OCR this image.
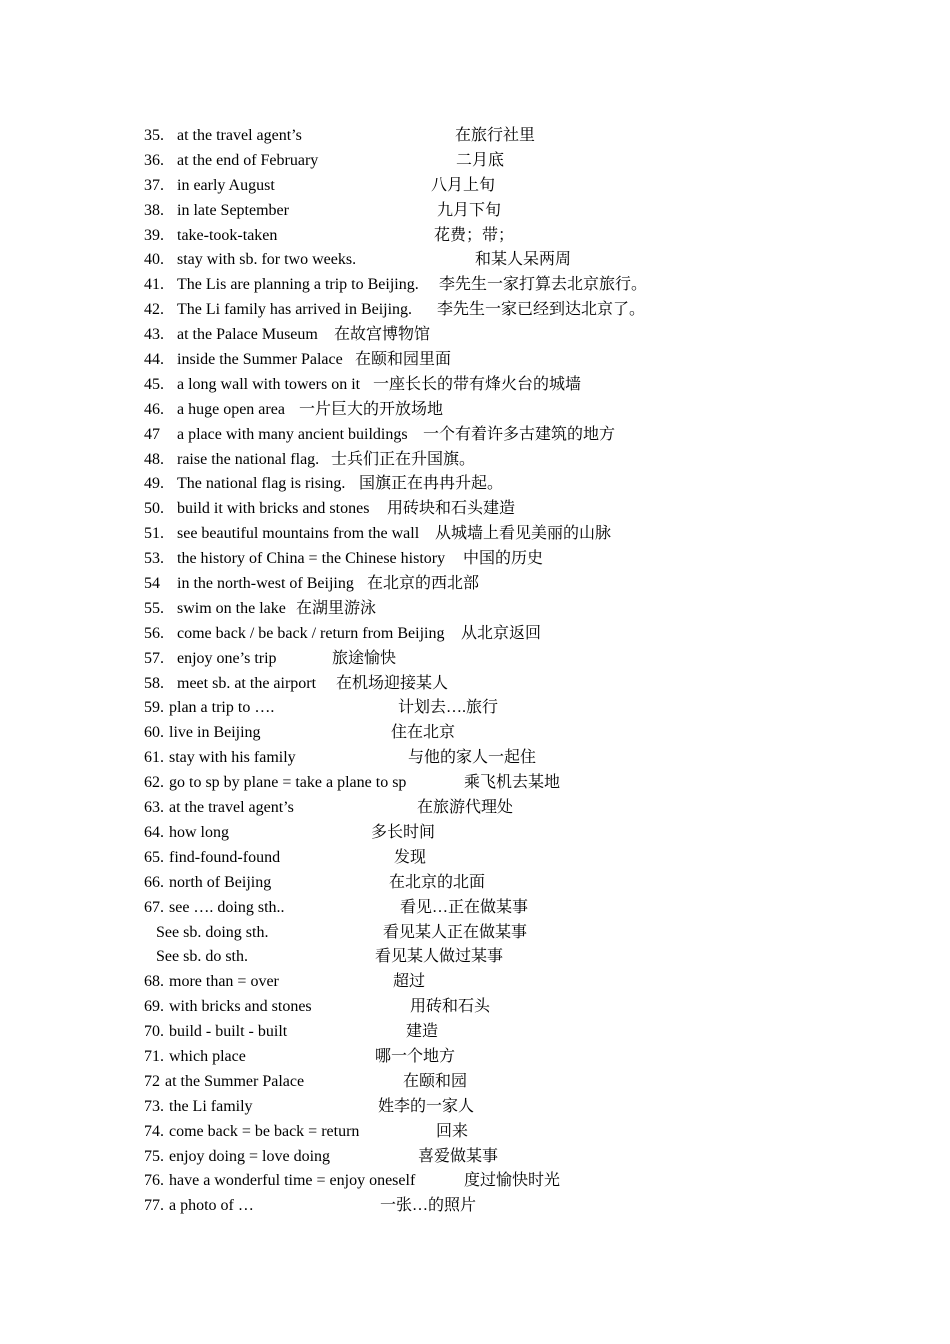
35. at the travel agent’s	在旅行社里
36. at the end of February	二月底
37. in early August	八月上旬
38. in late September	九月下旬
39. take-took-taken	花费；带；
40. stay with sb. for two weeks.	和某人呆两周
41. The Lis are planning a trip to Beijing. 李先生一家打算去北京旅行。
42. The Li family has arrived in Beijing. 李先生一家已经到达北京了。
43. at the Palace Museum 在故宫博物馆
44. inside the Summer Palace 在颐和园里面
45. a long wall with towers on it 一座长长的带有烽火台的城墙
46. a huge open area 一片巨大的开放场地
47 a place with many ancient buildings 一个有着许多古建筑的地方
48. raise the national flag. 士兵们正在升国旗。
49. The national flag is rising. 国旗正在冉冉升起。
50. build it with bricks and stones 用砖块和石头建造
51. see beautiful mountains from the wall 从城墙上看见美丽的山脉
53. the history of China = the Chinese history 中国的历史
54 in the north-west of Beijing 在北京的西北部
55. swim on the lake 在湖里游泳
56. come back / be back / return from Beijing 从北京返回
57. enjoy one’s trip	旅途愉快
58. meet sb. at the airport 在机场迎接某人
59. plan a trip to ….	计划去….旅行
60. live in Beijing	住在北京
61. stay with his family	与他的家人一起住
62. go to sp by plane = take a plane to sp	乘飞机去某地
63. at the travel agent’s	在旅游代理处
64. how long	多长时间
65. find-found-found	发现
66. north of Beijing	在北京的北面
67. see …. doing sth..	看见…正在做某事
See sb. doing sth.	看见某人正在做某事
See sb. do sth.	看见某人做过某事
68. more than = over	超过
69. with bricks and stones	用砖和石头
70. build - built - built	建造
71. which place	哪一个地方
72 at the Summer Palace	在颐和园
73. the Li family	姓李的一家人
74. come back = be back = return	回来
75. enjoy doing = love doing	喜爱做某事
76. have a wonderful time = enjoy oneself	度过愉快时光
77. a photo of …	一张…的照片
